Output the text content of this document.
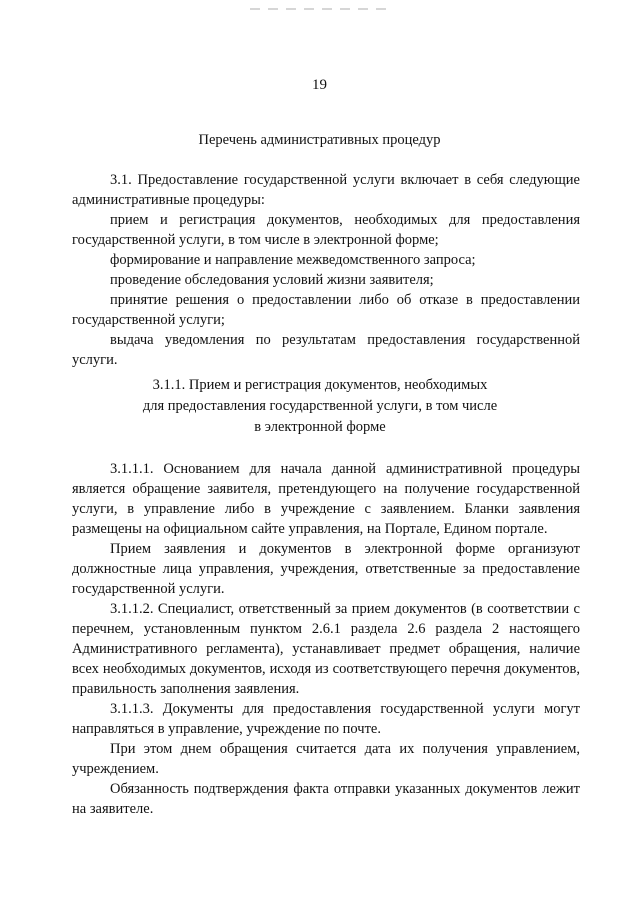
19
Перечень административных процедур

3.1. Предоставление государственной услуги включает в себя следующие административные процедуры:

прием и регистрация документов, необходимых для предоставления государственной услуги, в том числе в электронной форме;

формирование и направление межведомственного запроса;

проведение обследования условий жизни заявителя;

принятие решения о предоставлении либо об отказе в предоставлении государственной услуги;

выдача уведомления по результатам предоставления государственной услуги.

3.1.1. Прием и регистрация документов, необходимых
для предоставления государственной услуги, в том числе
в электронной форме

3.1.1.1. Основанием для начала данной административной процедуры является обращение заявителя, претендующего на получение государственной услуги, в управление либо в учреждение с заявлением. Бланки заявления размещены на официальном сайте управления, на Портале, Едином портале.

Прием заявления и документов в электронной форме организуют должностные лица управления, учреждения, ответственные за предоставление государственной услуги.

3.1.1.2. Специалист, ответственный за прием документов (в соответствии с перечнем, установленным пунктом 2.6.1 раздела 2.6 раздела 2 настоящего Административного регламента), устанавливает предмет обращения, наличие всех необходимых документов, исходя из соответствующего перечня документов, правильность заполнения заявления.

3.1.1.3. Документы для предоставления государственной услуги могут направляться в управление, учреждение по почте.

При этом днем обращения считается дата их получения управлением, учреждением.

Обязанность подтверждения факта отправки указанных документов лежит на заявителе.
